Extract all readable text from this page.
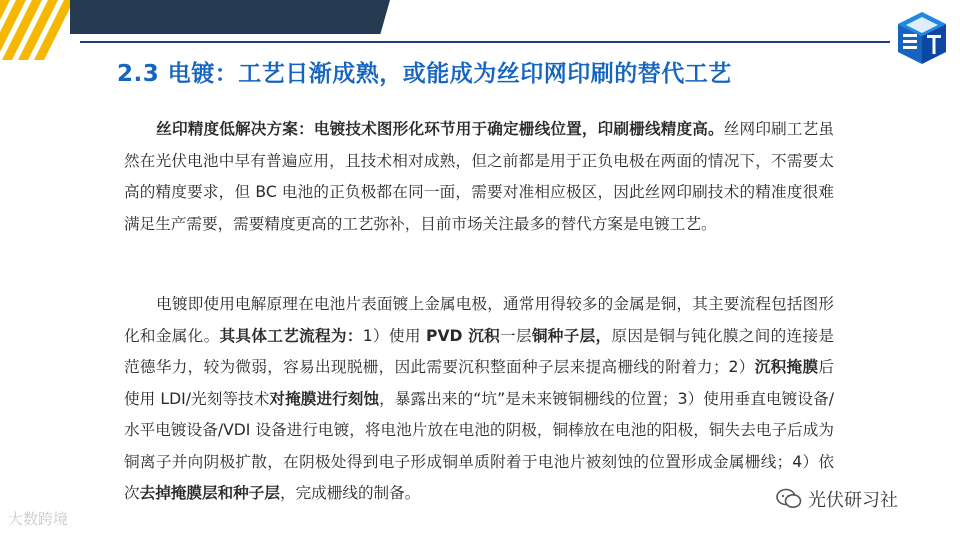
2.3 电镀：工艺日渐成熟，或能成为丝印网印刷的替代工艺
丝印精度低解决方案：电镀技术图形化环节用于确定栅线位置，印刷栅线精度高。丝网印刷工艺虽然在光伏电池中早有普遍应用，且技术相对成熟，但之前都是用于正负电极在两面的情况下，不需要太高的精度要求，但 BC 电池的正负极都在同一面，需要对准相应极区，因此丝网印刷技术的精准度很难满足生产需要，需要精度更高的工艺弥补，目前市场关注最多的替代方案是电镀工艺。
电镀即使用电解原理在电池片表面镀上金属电极，通常用得较多的金属是铜，其主要流程包括图形化和金属化。其具体工艺流程为：1）使用 PVD 沉积一层铜种子层，原因是铜与钝化膜之间的连接是范德华力，较为微弱，容易出现脱栅，因此需要沉积整面种子层来提高栅线的附着力；2）沉积掩膜后使用 LDI/光刻等技术对掩膜进行刻蚀，暴露出来的“坑”是未来镀铜栅线的位置；3）使用垂直电镀设备/水平电镀设备/VDI 设备进行电镀，将电池片放在电池的阴极，铜棒放在电池的阳极，铜失去电子后成为铜离子并向阴极扩散，在阴极处得到电子形成铜单质附着于电池片被刻蚀的位置形成金属栅线；4）依次去掉掩膜层和种子层，完成栅线的制备。
大数跨境
光伏研习社
